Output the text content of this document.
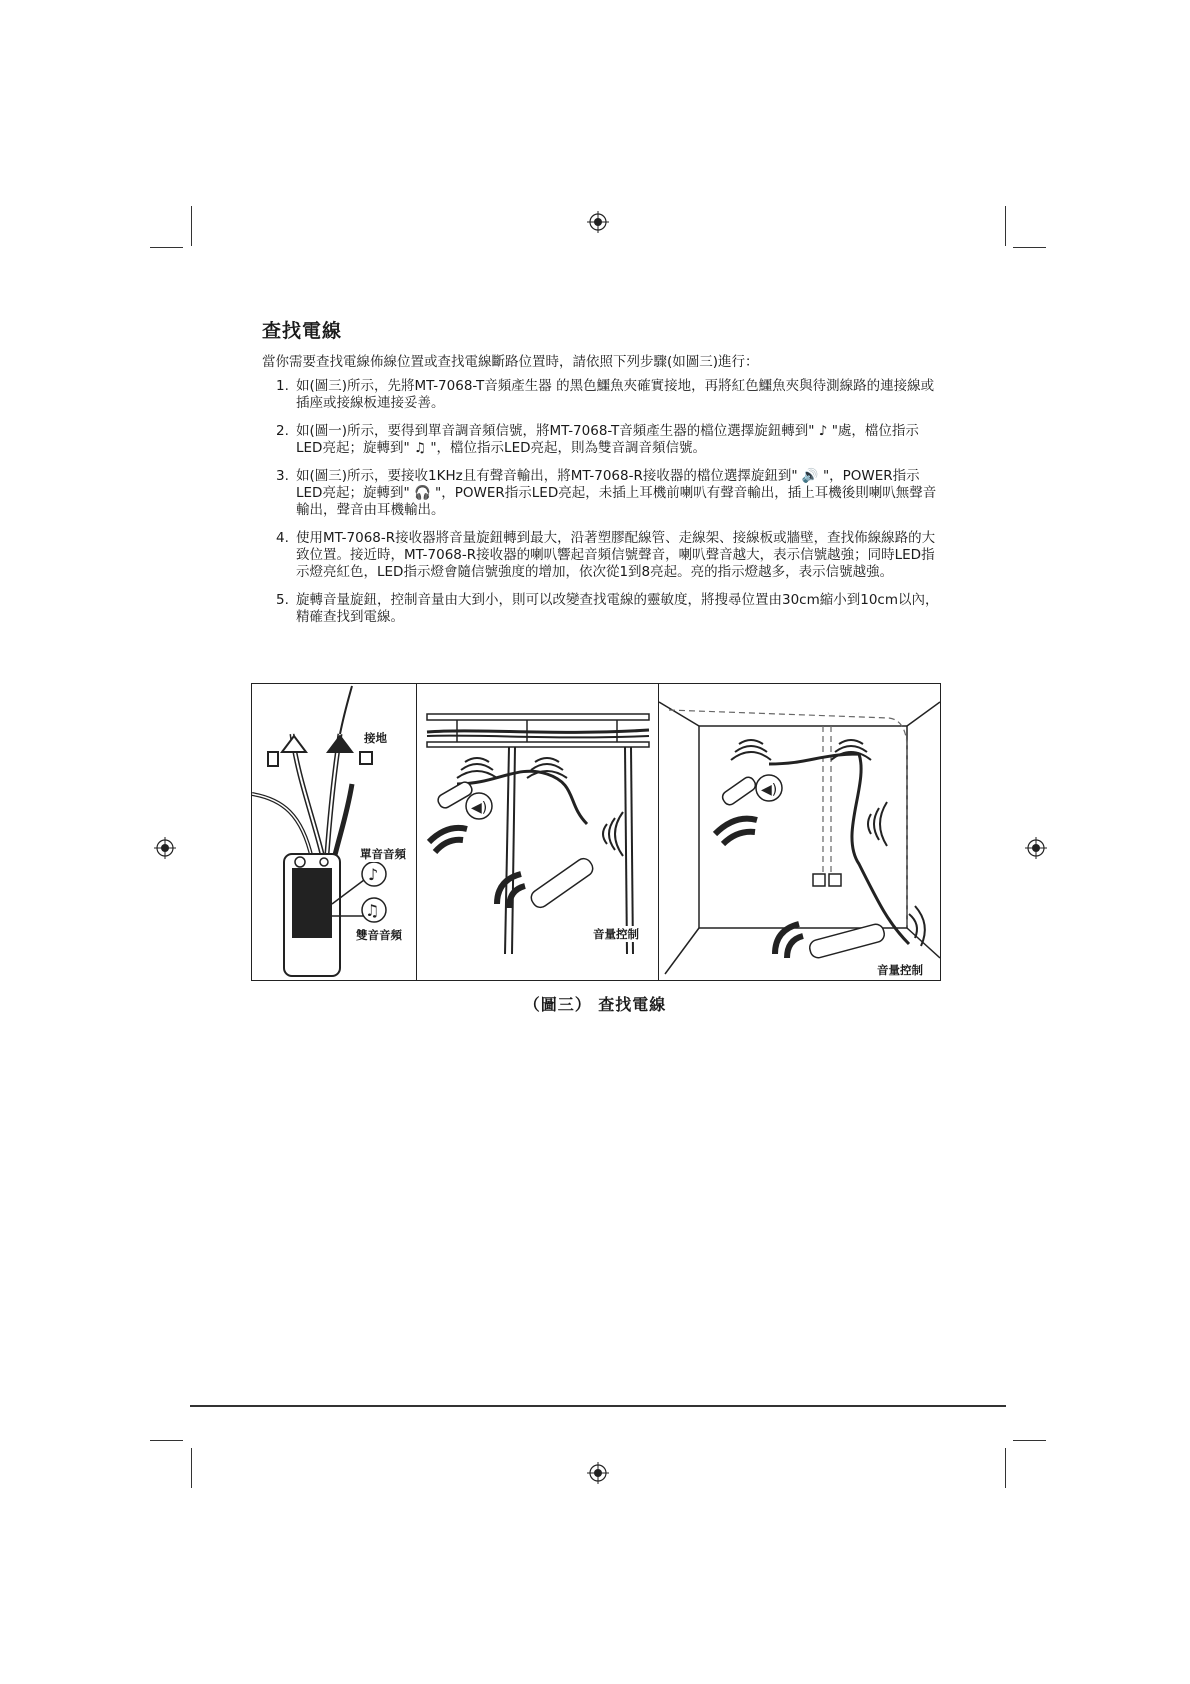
查找電線
當你需要查找電線佈線位置或查找電線斷路位置時，請依照下列步驟(如圖三)進行：
1. 如(圖三)所示，先將MT-7068-T音頻產生器 的黑色鱷魚夾確實接地，再將紅色鱷魚夾與待測線路的連接線或插座或接線板連接妥善。
2. 如(圖一)所示，要得到單音調音頻信號，將MT-7068-T音頻產生器的檔位選擇旋鈕轉到" ♪ "處，檔位指示LED亮起；旋轉到" ♫ "，檔位指示LED亮起，則為雙音調音頻信號。
3. 如(圖三)所示，要接收1KHz且有聲音輸出，將MT-7068-R接收器的檔位選擇旋鈕到" 🔊 "，POWER指示LED亮起；旋轉到" 🎧 "，POWER指示LED亮起，未插上耳機前喇叭有聲音輸出，插上耳機後則喇叭無聲音輸出，聲音由耳機輸出。
4. 使用MT-7068-R接收器將音量旋鈕轉到最大，沿著塑膠配線管、走線架、接線板或牆壁，查找佈線線路的大致位置。接近時，MT-7068-R接收器的喇叭響起音頻信號聲音，喇叭聲音越大，表示信號越強；同時LED指示燈亮紅色，LED指示燈會隨信號強度的增加，依次從1到8亮起。亮的指示燈越多，表示信號越強。
5. 旋轉音量旋鈕，控制音量由大到小，則可以改變查找電線的靈敏度，將搜尋位置由30cm縮小到10cm以內，精確查找到電線。
♪
♫
接地
單音音頻
雙音音頻
◀)
音量控制
◀)
音量控制
（圖三） 查找電線
